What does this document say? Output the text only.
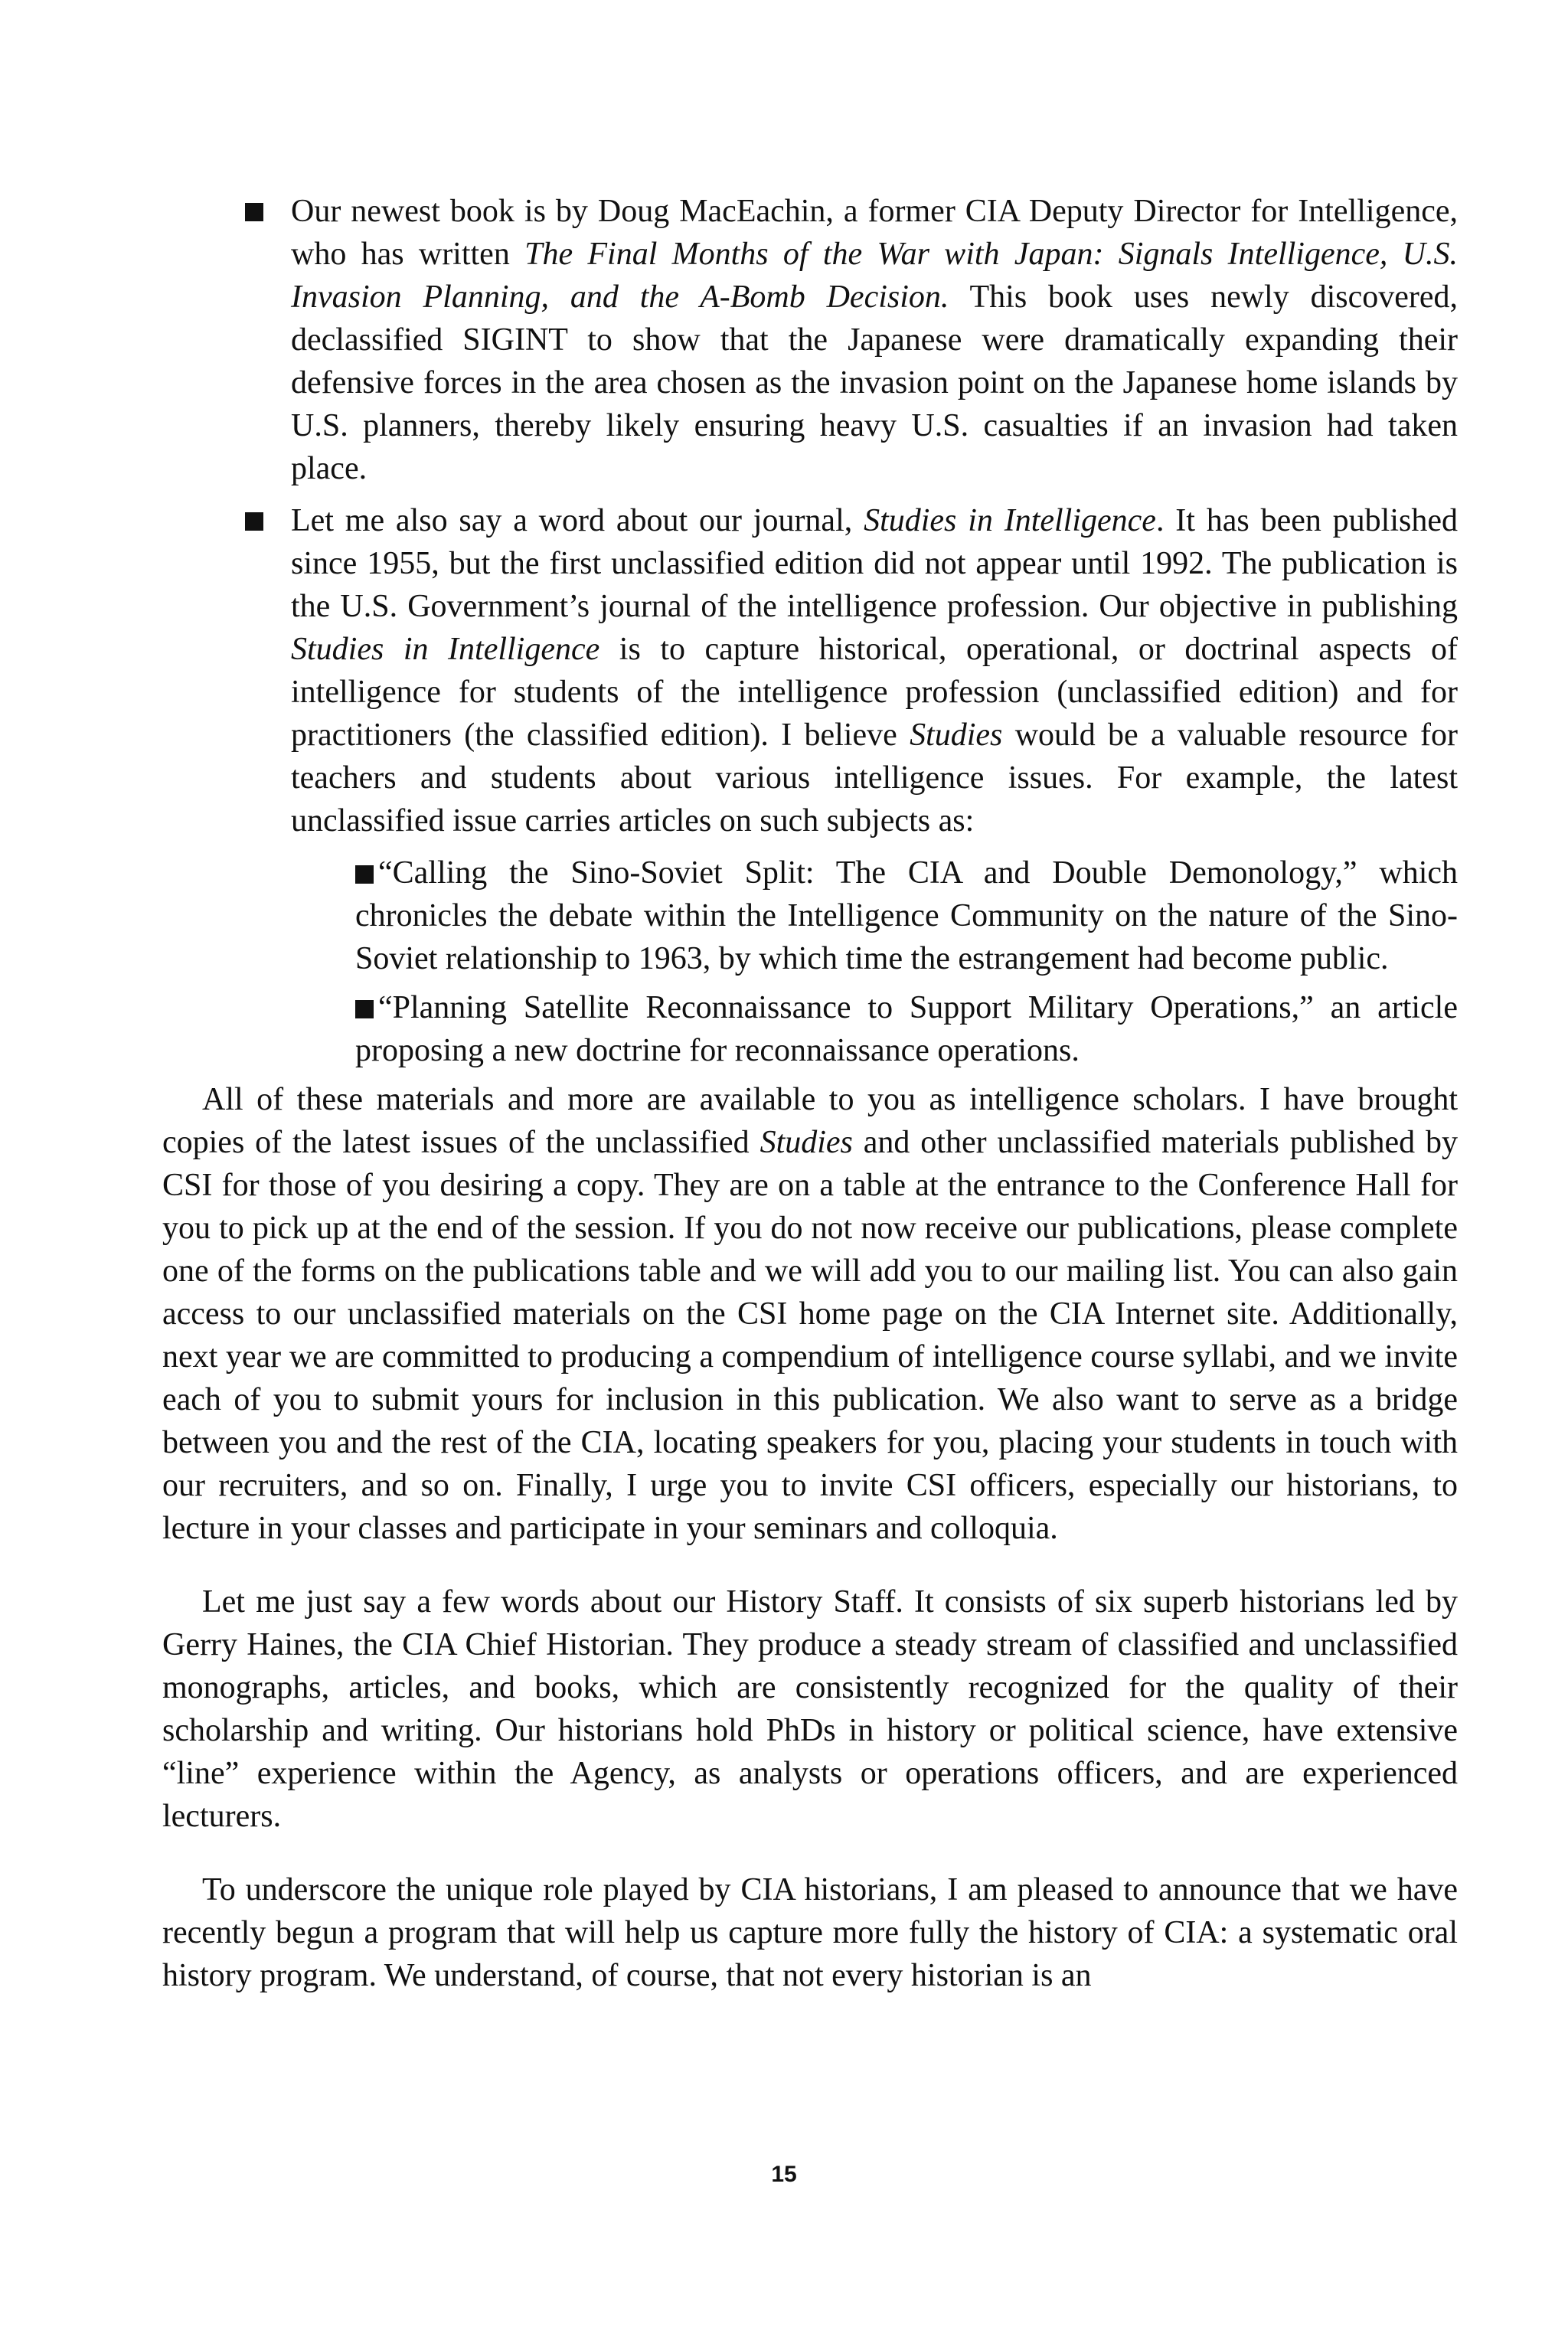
Our newest book is by Doug MacEachin, a former CIA Deputy Director for Intelligence, who has written The Final Months of the War with Japan: Signals Intelligence, U.S. Invasion Planning, and the A-Bomb Decision. This book uses newly discovered, declassified SIGINT to show that the Japanese were dramatically expanding their defensive forces in the area chosen as the invasion point on the Japanese home islands by U.S. planners, thereby likely ensuring heavy U.S. casualties if an invasion had taken place.
Let me also say a word about our journal, Studies in Intelligence. It has been published since 1955, but the first unclassified edition did not appear until 1992. The publication is the U.S. Government’s journal of the intelligence profession. Our objective in publishing Studies in Intelligence is to capture historical, operational, or doctrinal aspects of intelligence for students of the intelligence profession (unclassified edition) and for practitioners (the classified edition). I believe Studies would be a valuable resource for teachers and students about various intelligence issues. For example, the latest unclassified issue carries articles on such subjects as:
“Calling the Sino-Soviet Split: The CIA and Double Demonology,” which chronicles the debate within the Intelligence Community on the nature of the Sino-Soviet relationship to 1963, by which time the estrangement had become public.
“Planning Satellite Reconnaissance to Support Military Operations,” an article proposing a new doctrine for reconnaissance operations.

All of these materials and more are available to you as intelligence scholars. I have brought copies of the latest issues of the unclassified Studies and other unclassified materials published by CSI for those of you desiring a copy. They are on a table at the entrance to the Conference Hall for you to pick up at the end of the session. If you do not now receive our publications, please complete one of the forms on the publications table and we will add you to our mailing list. You can also gain access to our unclassified materials on the CSI home page on the CIA Internet site. Additionally, next year we are committed to producing a compendium of intelligence course syllabi, and we invite each of you to submit yours for inclusion in this publication. We also want to serve as a bridge between you and the rest of the CIA, locating speakers for you, placing your students in touch with our recruiters, and so on. Finally, I urge you to invite CSI officers, especially our historians, to lecture in your classes and participate in your seminars and colloquia.

Let me just say a few words about our History Staff. It consists of six superb historians led by Gerry Haines, the CIA Chief Historian. They produce a steady stream of classified and unclassified monographs, articles, and books, which are consistently recognized for the quality of their scholarship and writing. Our historians hold PhDs in history or political science, have extensive “line” experience within the Agency, as analysts or operations officers, and are experienced lecturers.

To underscore the unique role played by CIA historians, I am pleased to announce that we have recently begun a program that will help us capture more fully the history of CIA: a systematic oral history program. We understand, of course, that not every historian is an

15
